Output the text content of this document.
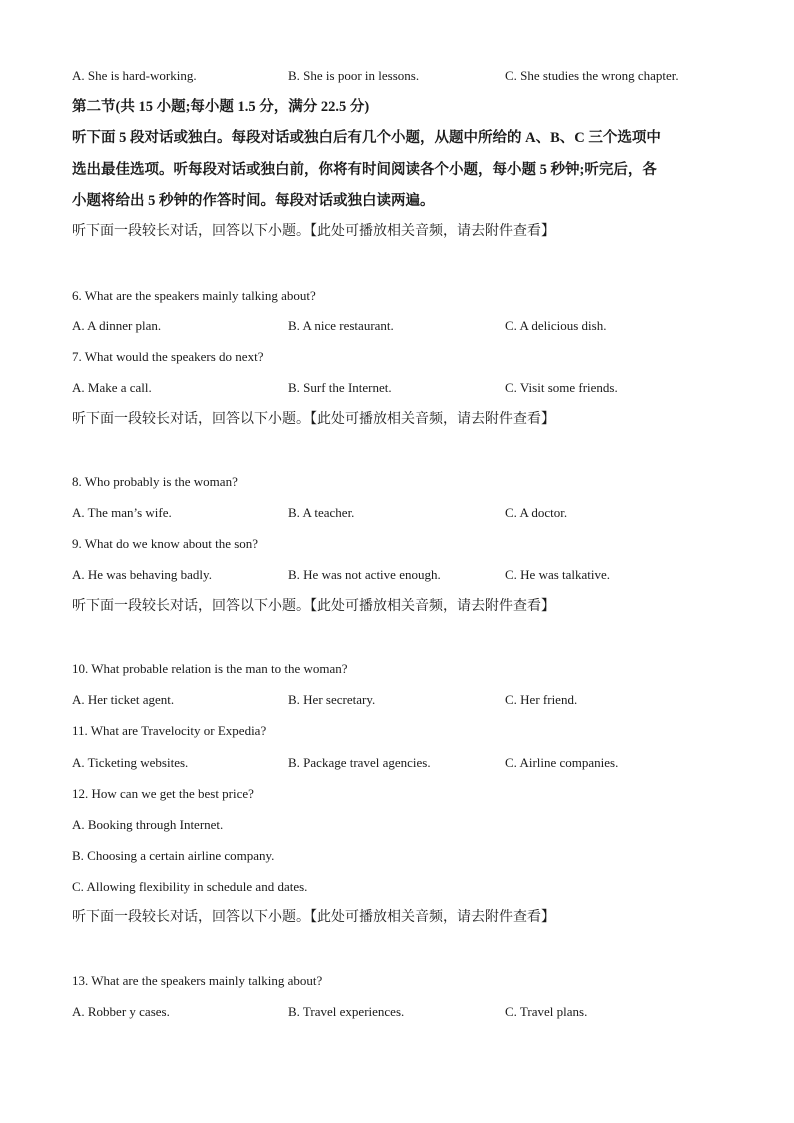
A. She is hard-working.	B. She is poor in lessons.	C. She studies the wrong chapter.
第二节(共 15 小题;每小题 1.5 分，满分 22.5 分)
听下面 5 段对话或独白。每段对话或独白后有几个小题，从题中所给的 A、B、C 三个选项中
选出最佳选项。听每段对话或独白前，你将有时间阅读各个小题，每小题 5 秒钟;听完后，各
小题将给出 5 秒钟的作答时间。每段对话或独白读两遍。
听下面一段较长对话，回答以下小题。【此处可播放相关音频，请去附件查看】
6. What are the speakers mainly talking about?
A. A dinner plan.	B. A nice restaurant.	C. A delicious dish.
7. What would the speakers do next?
A. Make a call.	B. Surf the Internet.	C. Visit some friends.
听下面一段较长对话，回答以下小题。【此处可播放相关音频，请去附件查看】
8. Who probably is the woman?
A. The man’s wife.	B. A teacher.	C. A doctor.
9. What do we know about the son?
A. He was behaving badly.	B. He was not active enough.	C. He was talkative.
听下面一段较长对话，回答以下小题。【此处可播放相关音频，请去附件查看】
10. What probable relation is the man to the woman?
A. Her ticket agent.	B. Her secretary.	C. Her friend.
11. What are Travelocity or Expedia?
A. Ticketing websites.	B. Package travel agencies.	C. Airline companies.
12. How can we get the best price?
A. Booking through Internet.
B. Choosing a certain airline company.
C. Allowing flexibility in schedule and dates.
听下面一段较长对话，回答以下小题。【此处可播放相关音频，请去附件查看】
13. What are the speakers mainly talking about?
A. Robber y cases.	B. Travel experiences.	C. Travel plans.
